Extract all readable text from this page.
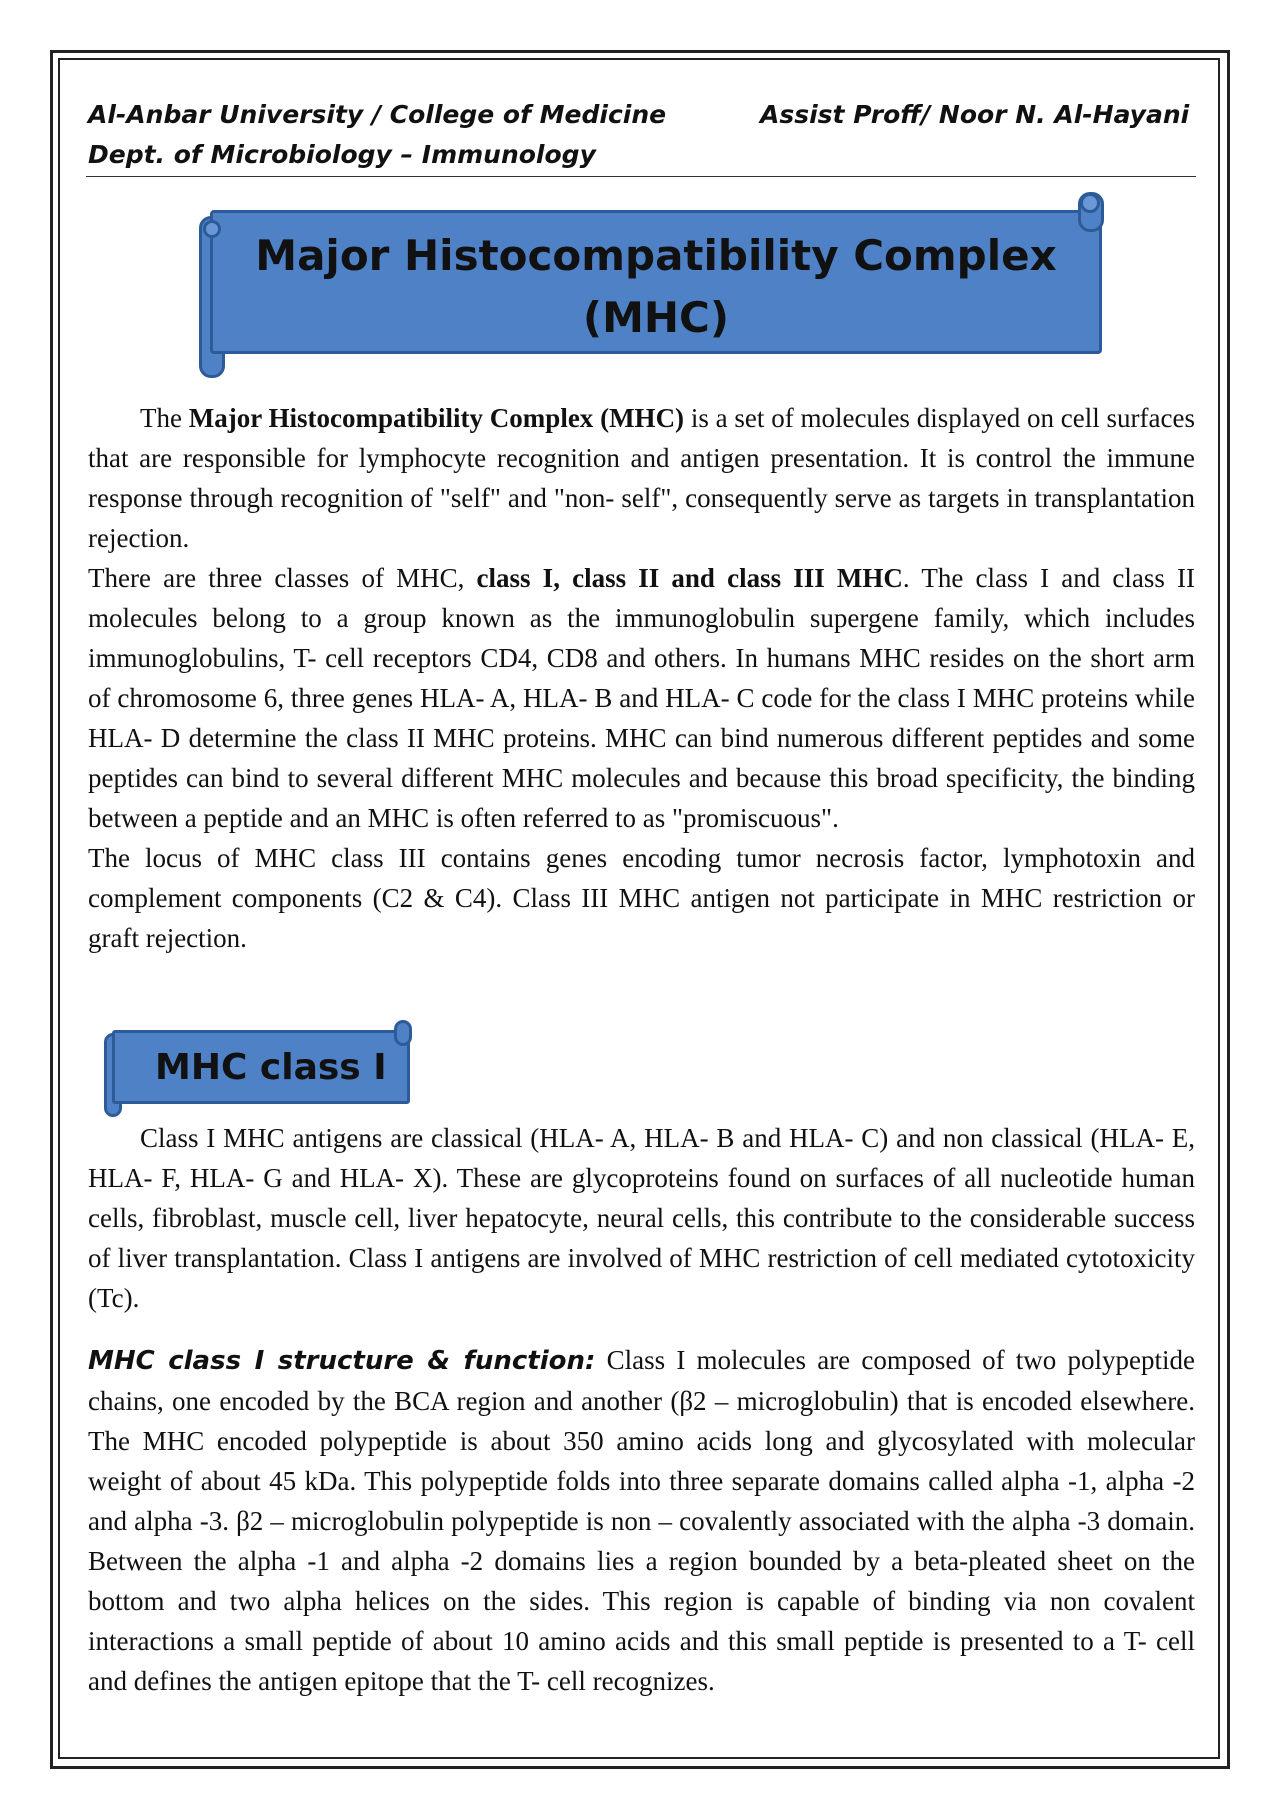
Al-Anbar University / College of Medicine	Assist Proff/ Noor N. Al-Hayani
Dept. of Microbiology – Immunology
Major Histocompatibility Complex
(MHC)

The Major Histocompatibility Complex (MHC) is a set of molecules displayed on cell surfaces that are responsible for lymphocyte recognition and antigen presentation. It is control the immune response through recognition of "self" and "non- self", consequently serve as targets in transplantation rejection.

There are three classes of MHC, class I, class II and class III MHC. The class I and class II molecules belong to a group known as the immunoglobulin supergene family, which includes immunoglobulins, T- cell receptors CD4, CD8 and others. In humans MHC resides on the short arm of chromosome 6, three genes HLA- A, HLA- B and HLA- C code for the class I MHC proteins while HLA- D determine the class II MHC proteins. MHC can bind numerous different peptides and some peptides can bind to several different MHC molecules and because this broad specificity, the binding between a peptide and an MHC is often referred to as "promiscuous".

The locus of MHC class III contains genes encoding tumor necrosis factor, lymphotoxin and complement components (C2 & C4). Class III MHC antigen not participate in MHC restriction or graft rejection.

MHC class I

Class I MHC antigens are classical (HLA- A, HLA- B and HLA- C) and non classical (HLA- E, HLA- F, HLA- G and HLA- X). These are glycoproteins found on surfaces of all nucleotide human cells, fibroblast, muscle cell, liver hepatocyte, neural cells, this contribute to the considerable success of liver transplantation. Class I antigens are involved of MHC restriction of cell mediated cytotoxicity (Tc).

MHC class I structure & function: Class I molecules are composed of two polypeptide chains, one encoded by the BCA region and another (β2 – microglobulin) that is encoded elsewhere. The MHC encoded polypeptide is about 350 amino acids long and glycosylated with molecular weight of about 45 kDa. This polypeptide folds into three separate domains called alpha -1, alpha -2 and alpha -3. β2 – microglobulin polypeptide is non – covalently associated with the alpha -3 domain. Between the alpha -1 and alpha -2 domains lies a region bounded by a beta-pleated sheet on the bottom and two alpha helices on the sides. This region is capable of binding via non covalent interactions a small peptide of about 10 amino acids and this small peptide is presented to a T- cell and defines the antigen epitope that the T- cell recognizes.
